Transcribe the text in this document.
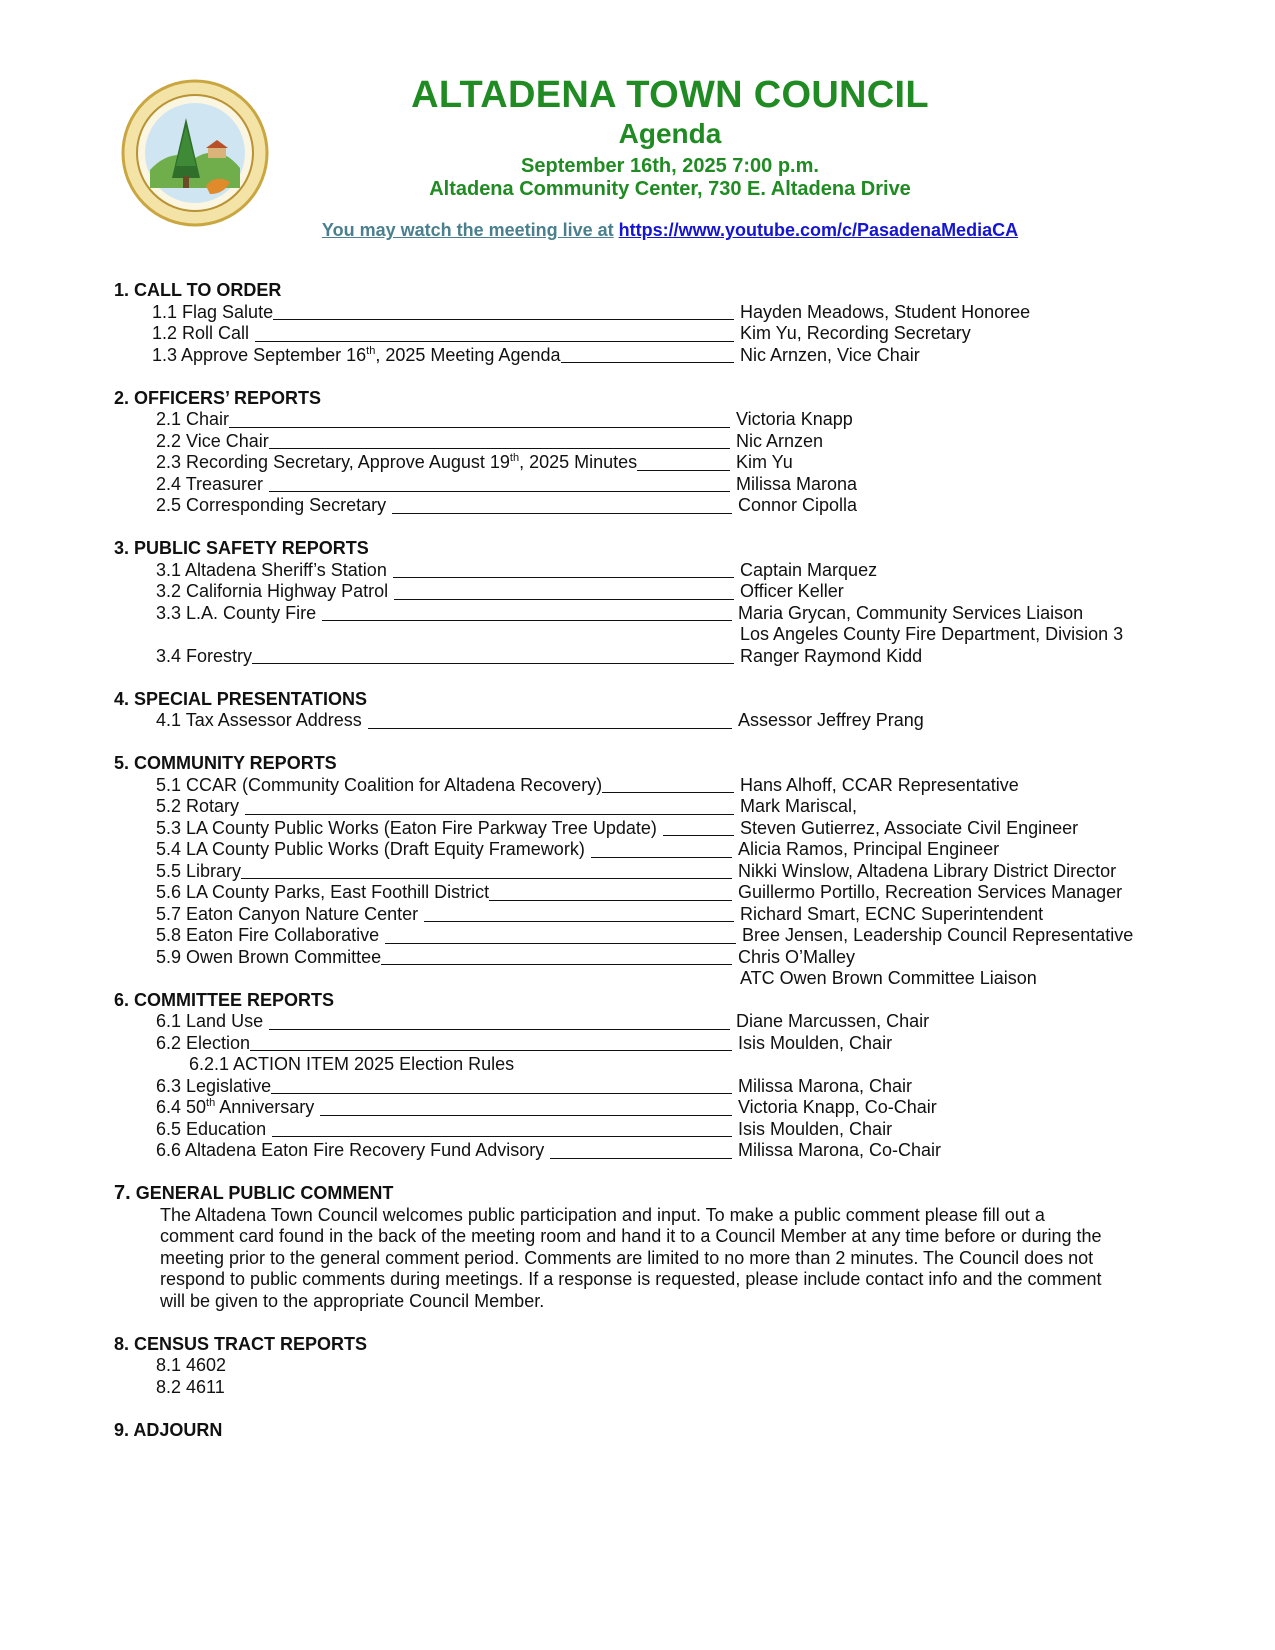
ALTADENA TOWN COUNCIL
Agenda
September 16th, 2025 7:00 p.m.
Altadena Community Center, 730 E. Altadena Drive
You may watch the meeting live at https://www.youtube.com/c/PasadenaMediaCA
1. CALL TO ORDER
1.1 Flag Salute	Hayden Meadows, Student Honoree
1.2 Roll Call	Kim Yu, Recording Secretary
1.3 Approve September 16th, 2025 Meeting Agenda	Nic Arnzen, Vice Chair
2. OFFICERS’ REPORTS
2.1 Chair	Victoria Knapp
2.2 Vice Chair	Nic Arnzen
2.3 Recording Secretary, Approve August 19th, 2025 Minutes	Kim Yu
2.4 Treasurer	Milissa Marona
2.5 Corresponding Secretary	Connor Cipolla
3. PUBLIC SAFETY REPORTS
3.1 Altadena Sheriff’s Station	Captain Marquez
3.2 California Highway Patrol	Officer Keller
3.3 L.A. County Fire	Maria Grycan, Community Services Liaison
Los Angeles County Fire Department, Division 3
3.4 Forestry	Ranger Raymond Kidd
4. SPECIAL PRESENTATIONS
4.1 Tax Assessor Address	Assessor Jeffrey Prang
5. COMMUNITY REPORTS
5.1 CCAR (Community Coalition for Altadena Recovery)	Hans Alhoff, CCAR Representative
5.2 Rotary	Mark Mariscal,
5.3 LA County Public Works (Eaton Fire Parkway Tree Update)	Steven Gutierrez, Associate Civil Engineer
5.4 LA County Public Works (Draft Equity Framework)	Alicia Ramos, Principal Engineer
5.5 Library	Nikki Winslow, Altadena Library District Director
5.6 LA County Parks, East Foothill District	Guillermo Portillo, Recreation Services Manager
5.7 Eaton Canyon Nature Center	Richard Smart, ECNC Superintendent
5.8 Eaton Fire Collaborative	Bree Jensen, Leadership Council Representative
5.9 Owen Brown Committee	Chris O’Malley
ATC Owen Brown Committee Liaison
6. COMMITTEE REPORTS
6.1 Land Use	Diane Marcussen, Chair
6.2 Election	Isis Moulden, Chair
6.2.1 ACTION ITEM 2025 Election Rules
6.3 Legislative	Milissa Marona, Chair
6.4 50th Anniversary	Victoria Knapp, Co-Chair
6.5 Education	Isis Moulden, Chair
6.6 Altadena Eaton Fire Recovery Fund Advisory	Milissa Marona, Co-Chair
7. GENERAL PUBLIC COMMENT
The Altadena Town Council welcomes public participation and input. To make a public comment please fill out a comment card found in the back of the meeting room and hand it to a Council Member at any time before or during the meeting prior to the general comment period. Comments are limited to no more than 2 minutes. The Council does not respond to public comments during meetings. If a response is requested, please include contact info and the comment will be given to the appropriate Council Member.
8. CENSUS TRACT REPORTS
8.1 4602
8.2 4611
9. ADJOURN
